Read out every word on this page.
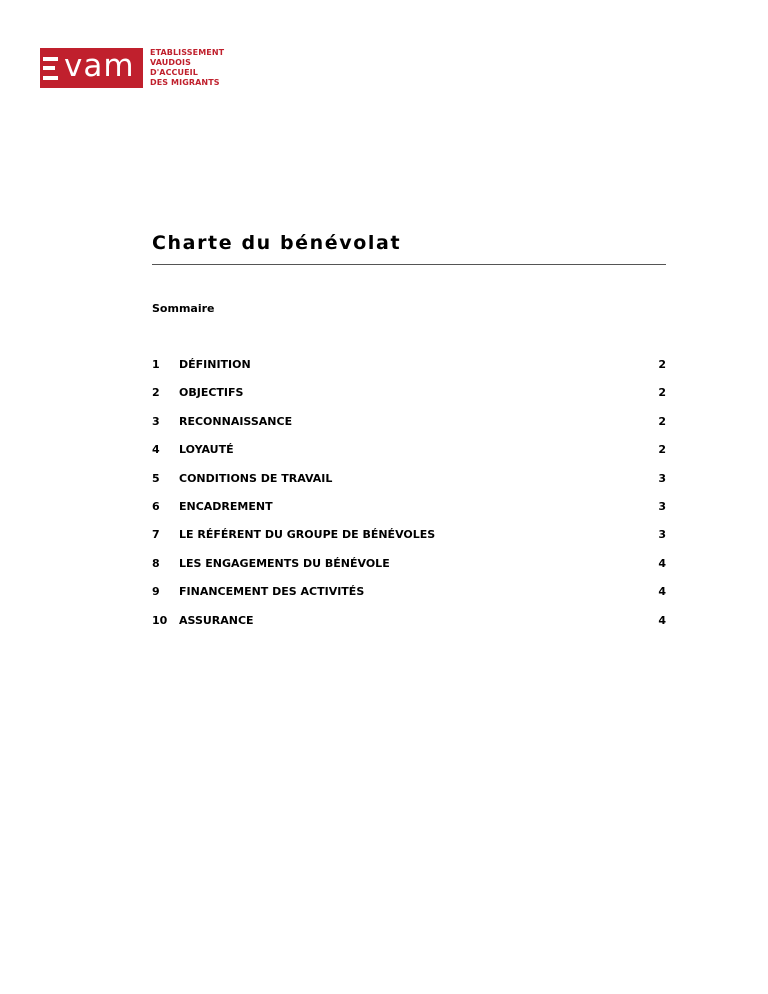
vam ETABLISSEMENT
VAUDOIS
D'ACCUEIL
DES MIGRANTS
Charte du bénévolat
Sommaire
1 DÉFINITION	2
2 OBJECTIFS	2
3 RECONNAISSANCE	2
4 LOYAUTÉ	2
5 CONDITIONS DE TRAVAIL	3
6 ENCADREMENT	3
7 LE RÉFÉRENT DU GROUPE DE BÉNÉVOLES	3
8 LES ENGAGEMENTS DU BÉNÉVOLE	4
9 FINANCEMENT DES ACTIVITÉS	4
10 ASSURANCE	4
